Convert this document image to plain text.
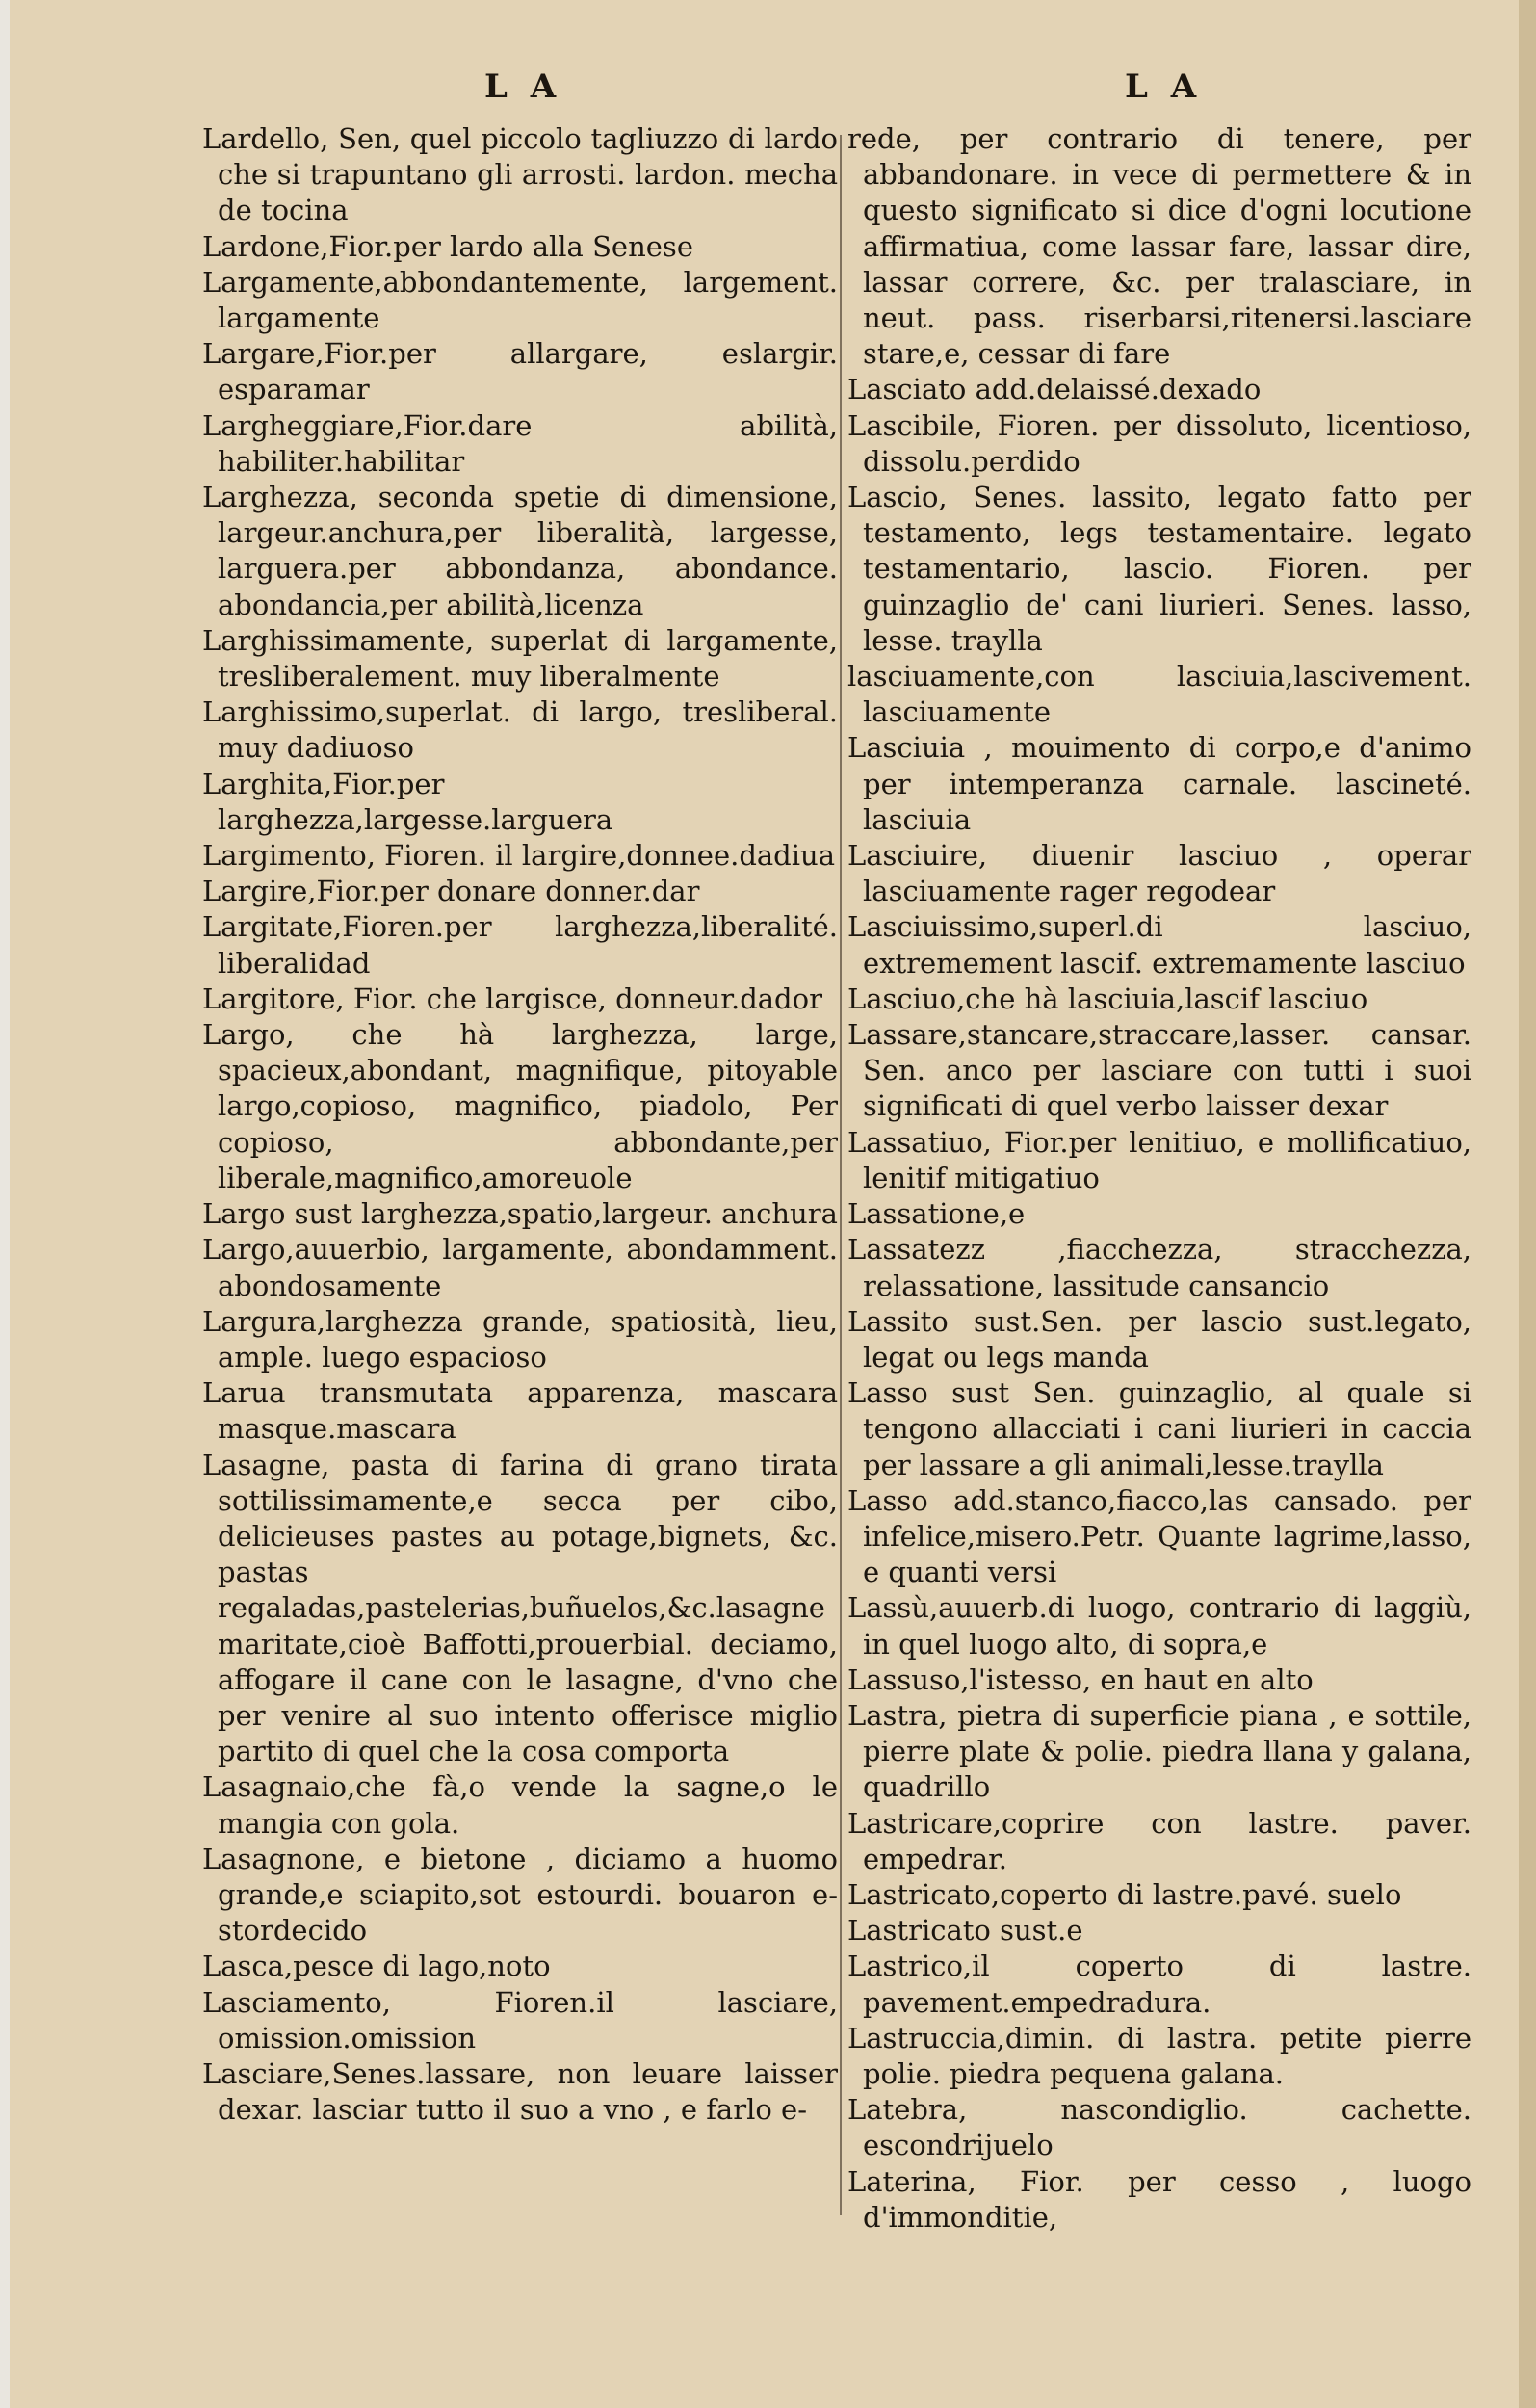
L A	L A

Lardello, Sen, quel piccolo tagliuzzo di lardo che si trapuntano gli arrosti. lardon. mecha de tocina

Lardone,Fior.per lardo alla Senese

Largamente,abbondantemente, largement. largamente

Largare,Fior.per allargare, eslargir. esparamar

Largheggiare,Fior.dare abilità, habiliter.habilitar

Larghezza, seconda spetie di dimensione, largeur.anchura,per liberalità, largesse, larguera.per abbondanza, abondance. abondancia,per abilità,licenza

Larghissimamente, superlat di largamente, tresliberalement. muy liberalmente

Larghissimo,superlat. di largo, tresliberal. muy dadiuoso

Larghita,Fior.per larghezza,largesse.larguera

Largimento, Fioren. il largire,donnee.dadiua

Largire,Fior.per donare donner.dar

Largitate,Fioren.per larghezza,liberalité. liberalidad

Largitore, Fior. che largisce, donneur.dador

Largo, che hà larghezza, large, spacieux,abondant, magnifique, pitoyable largo,copioso, magnifico, piadolo, Per copioso, abbondante,per liberale,magnifico,amoreuole

Largo sust larghezza,spatio,largeur. anchura

Largo,auuerbio, largamente, abondamment. abondosamente

Largura,larghezza grande, spatiosità, lieu, ample. luego espacioso

Larua transmutata apparenza, mascara masque.mascara

Lasagne, pasta di farina di grano tirata sottilissimamente,e secca per cibo, delicieuses pastes au potage,bignets, &c. pastas regaladas,pastelerias,buñuelos,&c.lasagne maritate,cioè Baffotti,prouerbial. deciamo, affogare il cane con le lasagne, d'vno che per venire al suo intento offerisce miglio partito di quel che la cosa comporta

Lasagnaio,che fà,o vende la sagne,o le mangia con gola.

Lasagnone, e bietone , diciamo a huomo grande,e sciapito,sot estourdi. bouaron e-stordecido

Lasca,pesce di lago,noto

Lasciamento, Fioren.il lasciare, omission.omission

Lasciare,Senes.lassare, non leuare laisser dexar. lasciar tutto il suo a vno , e farlo e-

rede, per contrario di tenere, per abbandonare. in vece di permettere & in questo significato si dice d'ogni locutione affirmatiua, come lassar fare, lassar dire, lassar correre, &c. per tralasciare, in neut. pass. riserbarsi,ritenersi.lasciare stare,e, cessar di fare

Lasciato add.delaissé.dexado

Lascibile, Fioren. per dissoluto, licentioso, dissolu.perdido

Lascio, Senes. lassito, legato fatto per testamento, legs testamentaire. legato testamentario, lascio. Fioren. per guinzaglio de' cani liurieri. Senes. lasso, lesse. traylla

lasciuamente,con lasciuia,lascivement. lasciuamente

Lasciuia , mouimento di corpo,e d'animo per intemperanza carnale. lascineté. lasciuia

Lasciuire, diuenir lasciuo , operar lasciuamente rager regodear

Lasciuissimo,superl.di lasciuo, extremement lascif. extremamente lasciuo

Lasciuo,che hà lasciuia,lascif lasciuo

Lassare,stancare,straccare,lasser. cansar. Sen. anco per lasciare con tutti i suoi significati di quel verbo laisser dexar

Lassatiuo, Fior.per lenitiuo, e mollificatiuo, lenitif mitigatiuo

Lassatione,e

Lassatezz ,fiacchezza, stracchezza, relassatione, lassitude cansancio

Lassito sust.Sen. per lascio sust.legato, legat ou legs manda

Lasso sust Sen. guinzaglio, al quale si tengono allacciati i cani liurieri in caccia per lassare a gli animali,lesse.traylla

Lasso add.stanco,fiacco,las cansado. per infelice,misero.Petr. Quante lagrime,lasso, e quanti versi

Lassù,auuerb.di luogo, contrario di laggiù, in quel luogo alto, di sopra,e

Lassuso,l'istesso, en haut en alto

Lastra, pietra di superficie piana , e sottile, pierre plate & polie. piedra llana y galana, quadrillo

Lastricare,coprire con lastre. paver. empedrar.

Lastricato,coperto di lastre.pavé. suelo

Lastricato sust.e

Lastrico,il coperto di lastre. pavement.empedradura.

Lastruccia,dimin. di lastra. petite pierre polie. piedra pequena galana.

Latebra, nascondiglio. cachette. escondrijuelo

Laterina, Fior. per cesso , luogo d'immonditie,
